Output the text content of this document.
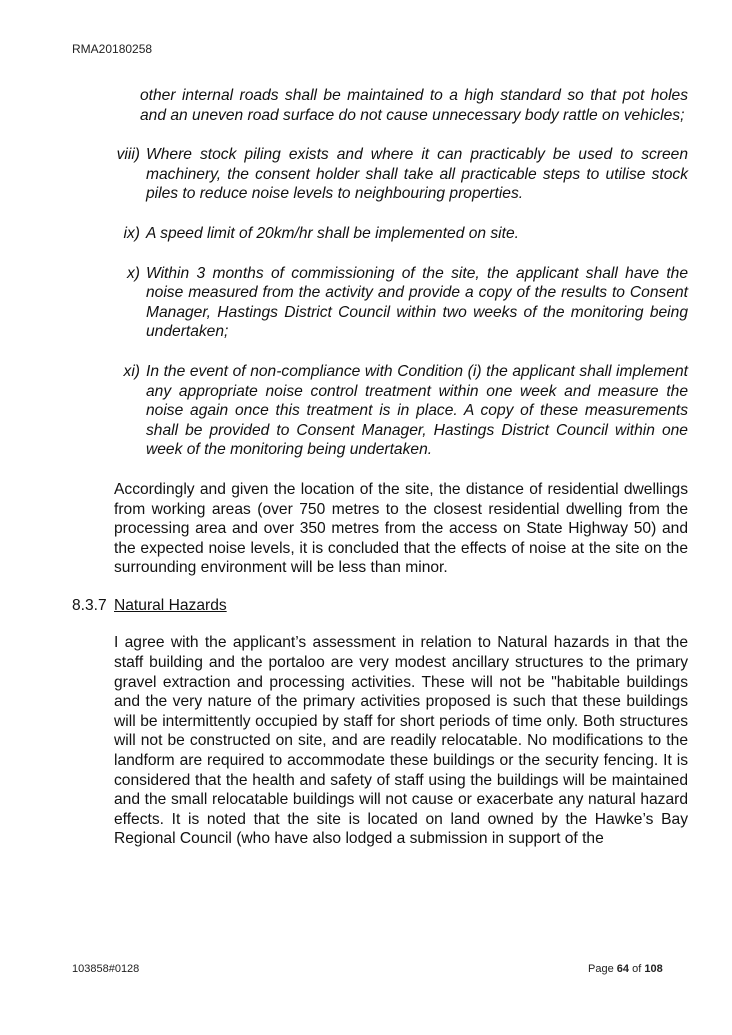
RMA20180258
other internal roads shall be maintained to a high standard so that pot holes and an uneven road surface do not cause unnecessary body rattle on vehicles;
viii) Where stock piling exists and where it can practicably be used to screen machinery, the consent holder shall take all practicable steps to utilise stock piles to reduce noise levels to neighbouring properties.
ix) A speed limit of 20km/hr shall be implemented on site.
x) Within 3 months of commissioning of the site, the applicant shall have the noise measured from the activity and provide a copy of the results to Consent Manager, Hastings District Council within two weeks of the monitoring being undertaken;
xi) In the event of non-compliance with Condition (i) the applicant shall implement any appropriate noise control treatment within one week and measure the noise again once this treatment is in place. A copy of these measurements shall be provided to Consent Manager, Hastings District Council within one week of the monitoring being undertaken.
Accordingly and given the location of the site, the distance of residential dwellings from working areas (over 750 metres to the closest residential dwelling from the processing area and over 350 metres from the access on State Highway 50) and the expected noise levels, it is concluded that the effects of noise at the site on the surrounding environment will be less than minor.
8.3.7 Natural Hazards
I agree with the applicant’s assessment in relation to Natural hazards in that the staff building and the portaloo are very modest ancillary structures to the primary gravel extraction and processing activities. These will not be "habitable buildings and the very nature of the primary activities proposed is such that these buildings will be intermittently occupied by staff for short periods of time only. Both structures will not be constructed on site, and are readily relocatable. No modifications to the landform are required to accommodate these buildings or the security fencing. It is considered that the health and safety of staff using the buildings will be maintained and the small relocatable buildings will not cause or exacerbate any natural hazard effects. It is noted that the site is located on land owned by the Hawke’s Bay Regional Council (who have also lodged a submission in support of the
103858#0128	Page 64 of 108
